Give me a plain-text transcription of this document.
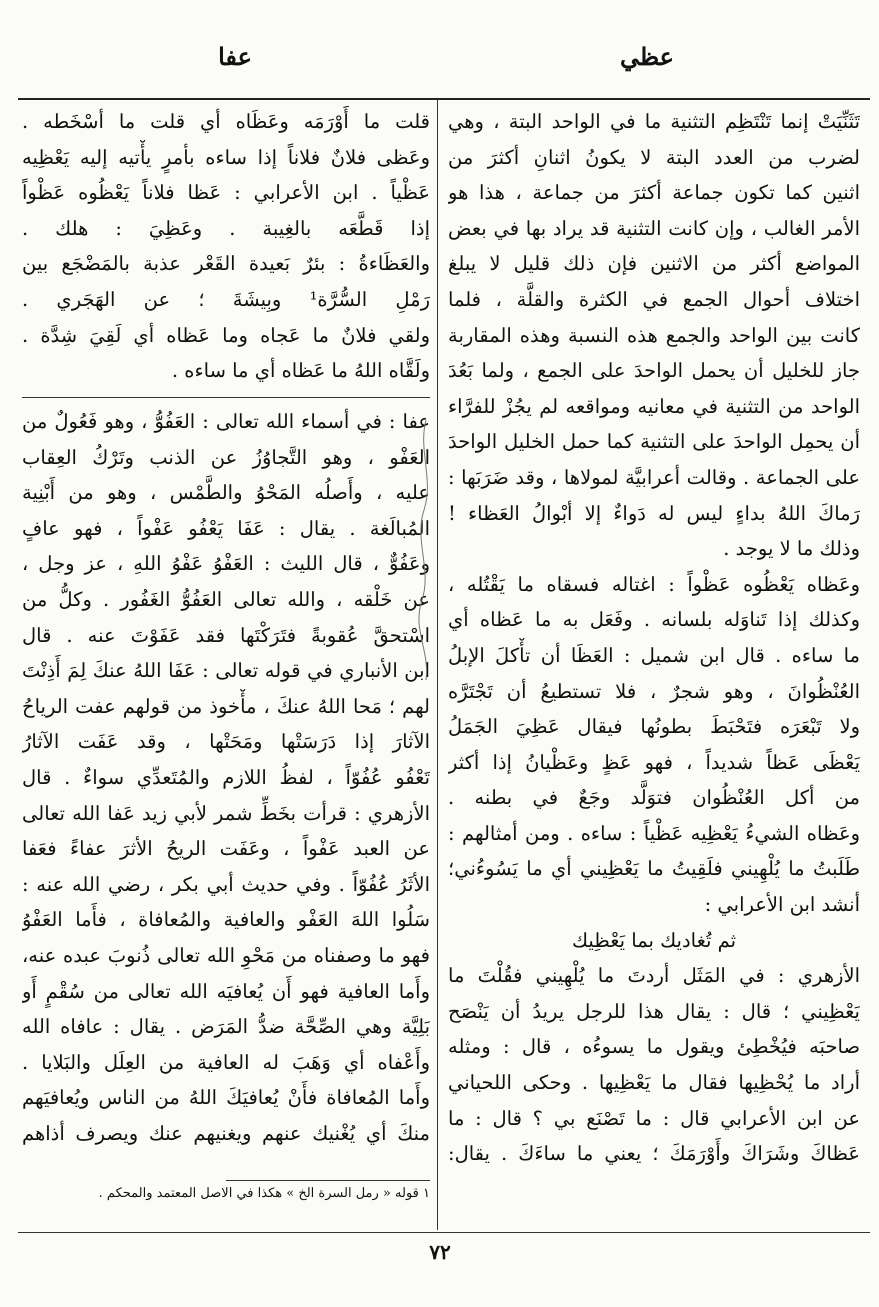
عظي
عفا
تَثَنِّيَتْ إنما تَنْتَظِم التثنية ما في الواحد البتة ، وهي
لضرب من العدد البتة لا يكونُ اثنانِ أكثرَ من
اثنين كما تكون جماعة أكثرَ من جماعة ، هذا هو
الأمر الغالب ، وإن كانت التثنية قد يراد بها في بعض
المواضع أكثر من الاثنين فإن ذلك قليل لا يبلغ
اختلاف أحوال الجمع في الكثرة والقلَّة ، فلما
كانت بين الواحد والجمع هذه النسبة وهذه المقاربة
جاز للخليل أن يحمل الواحدَ على الجمع ، ولما بَعُدَ
الواحد من التثنية في معانيه ومواقعه لم يجُزْ للفرَّاء
أن يحمِل الواحدَ على التثنية كما حمل الخليل الواحدَ
على الجماعة . وقالت أعرابيَّة لمولاها ، وقد ضَرَبَها :
رَماكَ اللهُ بداءٍ ليس له دَواءٌ إلا أبْوالُ العَظاء !
وذلك ما لا يوجد .
وعَظاه يَعْظُوه عَظْواً : اغتاله فسقاه ما يَقْتُله ،
وكذلك إذا تَناوَله بلسانه . وفَعَل به ما عَظاه أي
ما ساءه . قال ابن شميل : العَظَا أن تأْكلَ الإبلُ
العُنْظُوانَ ، وهو شجرٌ ، فلا تستطيعُ أن تَجْتَرَّه
ولا تَبْعَرَه فتَحْبَطَ بطونُها فيقال عَظِيَ الجَمَلُ
يَعْظَى عَظاً شديداً ، فهو عَظٍ وعَظْيانُ إذا أكثر
من أكل العُنْظُوان فتوَلَّد وجَعٌ في بطنه .
وعَظاه الشيءُ يَعْظِيه عَظْياً : ساءه . ومن أمثالهم :
طَلَبتُ ما يُلْهِيني فلَقِيتُ ما يَعْظِيني أي ما يَسُوءُني؛
أنشد ابن الأعرابي :
ثم تُغاديك بما يَعْظِيك
الأزهري : في المَثَل أردتَ ما يُلْهِيني فقُلْتَ ما
يَعْظِيني ؛ قال : يقال هذا للرجل يريدُ أن يَنْصَح
صاحبَه فيُخْطِئ ويقول ما يسوءُه ، قال : ومثله
أراد ما يُحْظِيها فقال ما يَعْظِيها . وحكى اللحياني
عن ابن الأعرابي قال : ما تَصْنَع بي ؟ قال : ما
عَظاكَ وشَرَاكَ وأَوْرَمَكَ ؛ يعني ما ساءَكَ . يقال:
قلت ما أَوْرَمَه وعَظَاه أي قلت ما أسْخَطه .
وعَظى فلانٌ فلاناً إذا ساءه بأمرٍ يأْتيه إليه يَعْظِيه
عَظْياً . ابن الأعرابي : عَظا فلاناً يَعْظُوه عَظْواً
إذا قَطَّعَه بالغِيبة . وعَظِيَ : هلك .
والعَظَاءةُ : بئرٌ بَعيدة القَعْر عذبة بالمَضْجَع بين
رَمْلِ السُّرَّة¹ وبِيشَةَ ؛ عن الهَجَري .
ولقي فلانٌ ما عَجاه وما عَظاه أي لَقِيَ شِدَّة .
ولَقَّاه اللهُ ما عَظاه أي ما ساءه .
عفا : في أسماء الله تعالى : العَفُوُّ ، وهو فَعُولٌ من
العَفْو ، وهو التَّجاوُزُ عن الذنب وتَرْكُ العِقاب
عليه ، وأَصلُه المَحْوُ والطَّمْس ، وهو من أَبْنِية
المُبالَغة . يقال : عَفَا يَعْفُو عَفْواً ، فهو عافٍ
وعَفُوٌّ ، قال الليث : العَفْوُ عَفْوُ اللهِ ، عز وجل ،
عن خَلْقه ، والله تعالى العَفُوُّ الغَفُور . وكلُّ من
اسْتحقَّ عُقوبةً فتَرَكْتَها فقد عَفَوْتَ عنه . قال
ابن الأنباري في قوله تعالى : عَفَا اللهُ عنكَ لِمَ أَذِنْتَ
لهم ؛ مَحا اللهُ عنكَ ، مأْخوذ من قولهم عفت الرياحُ
الآثارَ إذا دَرَسَتْها ومَحَتْها ، وقد عَفَت الآثارُ
تَعْفُو عُفُوّاً ، لفظُ اللازم والمُتَعدِّي سواءٌ . قال
الأزهري : قرأت بخَطِّ شمر لأبي زيد عَفا الله تعالى
عن العبد عَفْواً ، وعَفَت الريحُ الأثرَ عفاءً فعَفا
الأثَرُ عُفُوّاً . وفي حديث أبي بكر ، رضي الله عنه :
سَلُوا اللهَ العَفْو والعافية والمُعافاة ، فأَما العَفْوُ
فهو ما وصفناه من مَحْوِ الله تعالى ذُنوبَ عبده عنه،
وأَما العافية فهو أَن يُعافيَه الله تعالى من سُقْمٍ أَو
بَلِيَّة وهي الصِّحَّة ضدُّ المَرَض . يقال : عافاه الله
وأَعْفاه أي وَهَبَ له العافية من العِلَل والبَلايا .
وأَما المُعافاة فأَنْ يُعافيَكَ اللهُ من الناس ويُعافيَهم
منكَ أي يُغْنيك عنهم ويغنيهم عنك ويصرف أذاهم
١ قوله « رمل السرة الخ » هكذا في الاصل المعتمد والمحكم .
٧٢
